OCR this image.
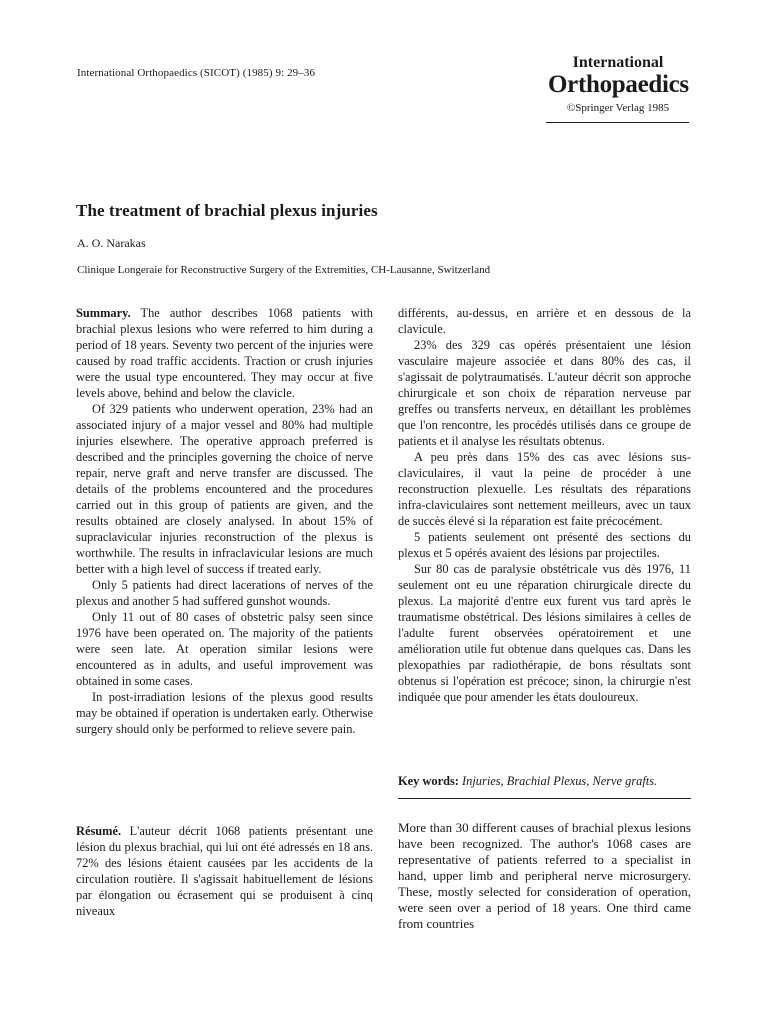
International Orthopaedics (SICOT) (1985) 9: 29–36
International
Orthopaedics
©Springer Verlag 1985
The treatment of brachial plexus injuries
A. O. Narakas
Clinique Longeraie for Reconstructive Surgery of the Extremities, CH-Lausanne, Switzerland

Summary. The author describes 1068 patients with brachial plexus lesions who were referred to him during a period of 18 years. Seventy two percent of the injuries were caused by road traffic accidents. Traction or crush injuries were the usual type encountered. They may occur at five levels above, behind and below the clavicle.

Of 329 patients who underwent operation, 23% had an associated injury of a major vessel and 80% had multiple injuries elsewhere. The operative approach preferred is described and the principles governing the choice of nerve repair, nerve graft and nerve transfer are discussed. The details of the problems encountered and the procedures carried out in this group of patients are given, and the results obtained are closely analysed. In about 15% of supraclavicular injuries reconstruction of the plexus is worthwhile. The results in infraclavicular lesions are much better with a high level of success if treated early.

Only 5 patients had direct lacerations of nerves of the plexus and another 5 had suffered gunshot wounds.

Only 11 out of 80 cases of obstetric palsy seen since 1976 have been operated on. The majority of the patients were seen late. At operation similar lesions were encountered as in adults, and useful improvement was obtained in some cases.

In post-irradiation lesions of the plexus good results may be obtained if operation is undertaken early. Otherwise surgery should only be performed to relieve severe pain.

différents, au-dessus, en arrière et en dessous de la clavicule.

23% des 329 cas opérés présentaient une lésion vasculaire majeure associée et dans 80% des cas, il s'agissait de polytraumatisés. L'auteur décrit son approche chirurgicale et son choix de réparation nerveuse par greffes ou transferts nerveux, en détaillant les problèmes que l'on rencontre, les procédés utilisés dans ce groupe de patients et il analyse les résultats obtenus.

A peu près dans 15% des cas avec lésions sus-claviculaires, il vaut la peine de procéder à une reconstruction plexuelle. Les résultats des réparations infra-claviculaires sont nettement meilleurs, avec un taux de succès élevé si la réparation est faite précocément.

5 patients seulement ont présenté des sections du plexus et 5 opérés avaient des lésions par projectiles.

Sur 80 cas de paralysie obstétricale vus dès 1976, 11 seulement ont eu une réparation chirurgicale directe du plexus. La majorité d'entre eux furent vus tard après le traumatisme obstétrical. Des lésions similaires à celles de l'adulte furent observées opératoirement et une amélioration utile fut obtenue dans quelques cas. Dans les plexopathies par radiothérapie, de bons résultats sont obtenus si l'opération est précoce; sinon, la chirurgie n'est indiquée que pour amender les états douloureux.

Key words: Injuries, Brachial Plexus, Nerve grafts.

Résumé. L'auteur décrit 1068 patients présentant une lésion du plexus brachial, qui lui ont été adressés en 18 ans. 72% des lésions étaient causées par les accidents de la circulation routière. Il s'agissait habituellement de lésions par élongation ou écrasement qui se produisent à cinq niveaux

More than 30 different causes of brachial plexus lesions have been recognized. The author's 1068 cases are representative of patients referred to a specialist in hand, upper limb and peripheral nerve microsurgery. These, mostly selected for consideration of operation, were seen over a period of 18 years. One third came from countries
